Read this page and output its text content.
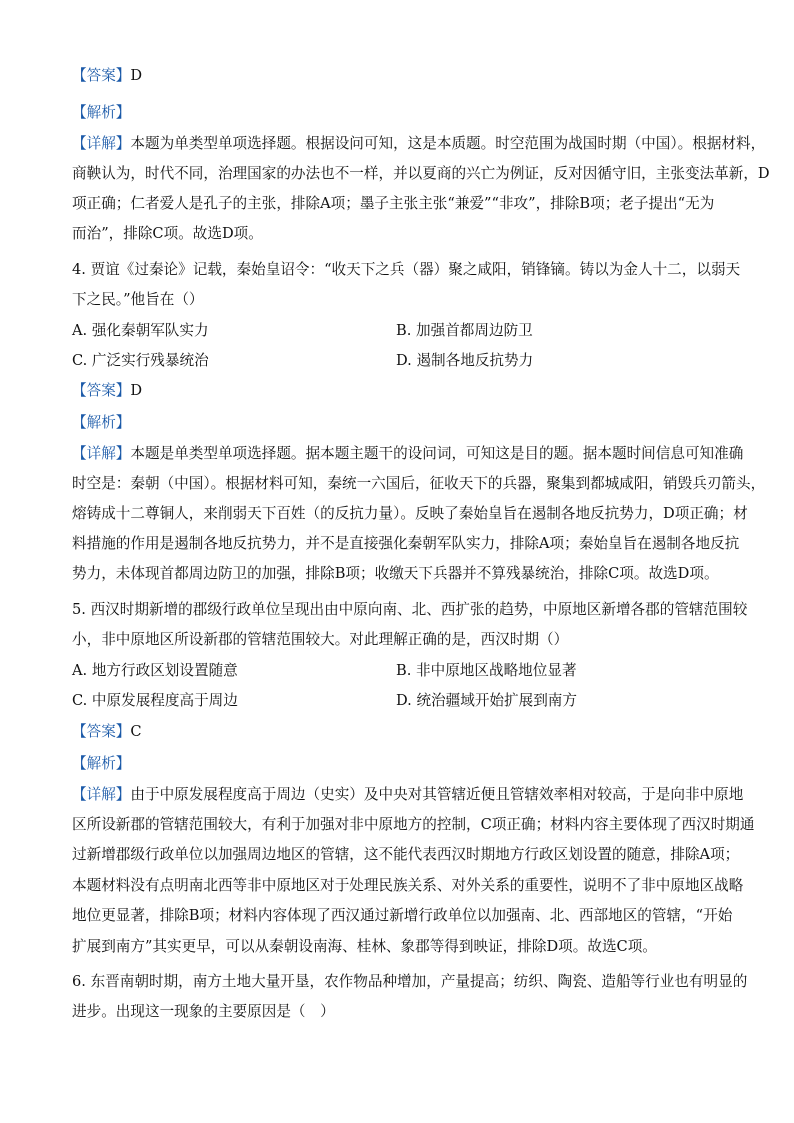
【答案】D
【解析】
【详解】本题为单类型单项选择题。根据设问可知，这是本质题。时空范围为战国时期（中国）。根据材料，
商鞅认为，时代不同，治理国家的办法也不一样，并以夏商的兴亡为例证，反对因循守旧，主张变法革新，D
项正确；仁者爱人是孔子的主张，排除A项；墨子主张主张“兼爱”“非攻”，排除B项；老子提出“无为
而治”，排除C项。故选D项。
4. 贾谊《过秦论》记载，秦始皇诏令：“收天下之兵（器）聚之咸阳，销锋镝。铸以为金人十二，以弱天
下之民。”他旨在（）
A. 强化秦朝军队实力	B. 加强首都周边防卫
C. 广泛实行残暴统治	D. 遏制各地反抗势力
【答案】D
【解析】
【详解】本题是单类型单项选择题。据本题主题干的设问词，可知这是目的题。据本题时间信息可知准确
时空是：秦朝（中国）。根据材料可知，秦统一六国后，征收天下的兵器，聚集到都城咸阳，销毁兵刃箭头，
熔铸成十二尊铜人，来削弱天下百姓（的反抗力量）。反映了秦始皇旨在遏制各地反抗势力，D项正确；材
料措施的作用是遏制各地反抗势力，并不是直接强化秦朝军队实力，排除A项；秦始皇旨在遏制各地反抗
势力，未体现首都周边防卫的加强，排除B项；收缴天下兵器并不算残暴统治，排除C项。故选D项。
5. 西汉时期新增的郡级行政单位呈现出由中原向南、北、西扩张的趋势，中原地区新增各郡的管辖范围较
小，非中原地区所设新郡的管辖范围较大。对此理解正确的是，西汉时期（）
A. 地方行政区划设置随意	B. 非中原地区战略地位显著
C. 中原发展程度高于周边	D. 统治疆域开始扩展到南方
【答案】C
【解析】
【详解】由于中原发展程度高于周边（史实）及中央对其管辖近便且管辖效率相对较高，于是向非中原地
区所设新郡的管辖范围较大，有利于加强对非中原地方的控制，C项正确；材料内容主要体现了西汉时期通
过新增郡级行政单位以加强周边地区的管辖，这不能代表西汉时期地方行政区划设置的随意，排除A项；
本题材料没有点明南北西等非中原地区对于处理民族关系、对外关系的重要性，说明不了非中原地区战略
地位更显著，排除B项；材料内容体现了西汉通过新增行政单位以加强南、北、西部地区的管辖，“开始
扩展到南方”其实更早，可以从秦朝设南海、桂林、象郡等得到映证，排除D项。故选C项。
6. 东晋南朝时期，南方土地大量开垦，农作物品种增加，产量提高；纺织、陶瓷、造船等行业也有明显的
进步。出现这一现象的主要原因是（　）
